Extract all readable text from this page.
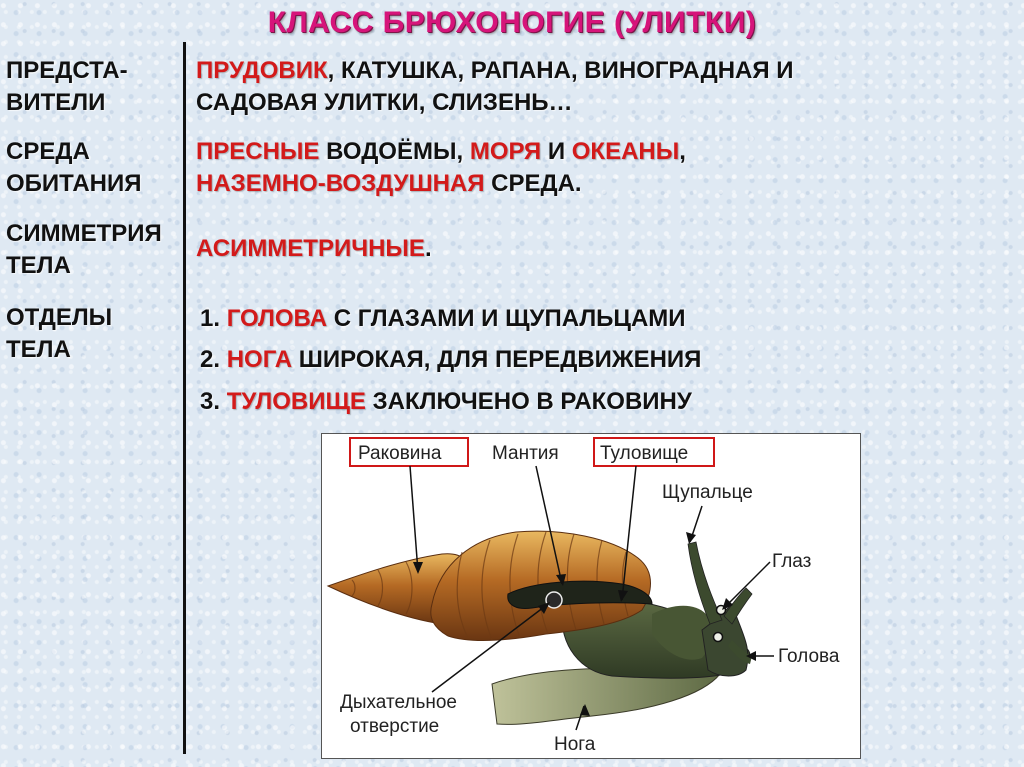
КЛАСС БРЮХОНОГИЕ (УЛИТКИ)
ПРЕДСТА-
ВИТЕЛИ
ПРУДОВИК, КАТУШКА, РАПАНА, ВИНОГРАДНАЯ И
САДОВАЯ УЛИТКИ, СЛИЗЕНЬ…
СРЕДА
ОБИТАНИЯ
ПРЕСНЫЕ ВОДОЁМЫ, МОРЯ И ОКЕАНЫ,
НАЗЕМНО-ВОЗДУШНАЯ СРЕДА.
СИММЕТРИЯ
ТЕЛА
АСИММЕТРИЧНЫЕ.
ОТДЕЛЫ
ТЕЛА
1. ГОЛОВА С ГЛАЗАМИ И ЩУПАЛЬЦАМИ
2. НОГА ШИРОКАЯ, ДЛЯ ПЕРЕДВИЖЕНИЯ
3. ТУЛОВИЩЕ ЗАКЛЮЧЕНО В РАКОВИНУ
Раковина	Мантия Туловище
Щупальце
Глаз
Голова
Дыхательное
отверстие
Нога
